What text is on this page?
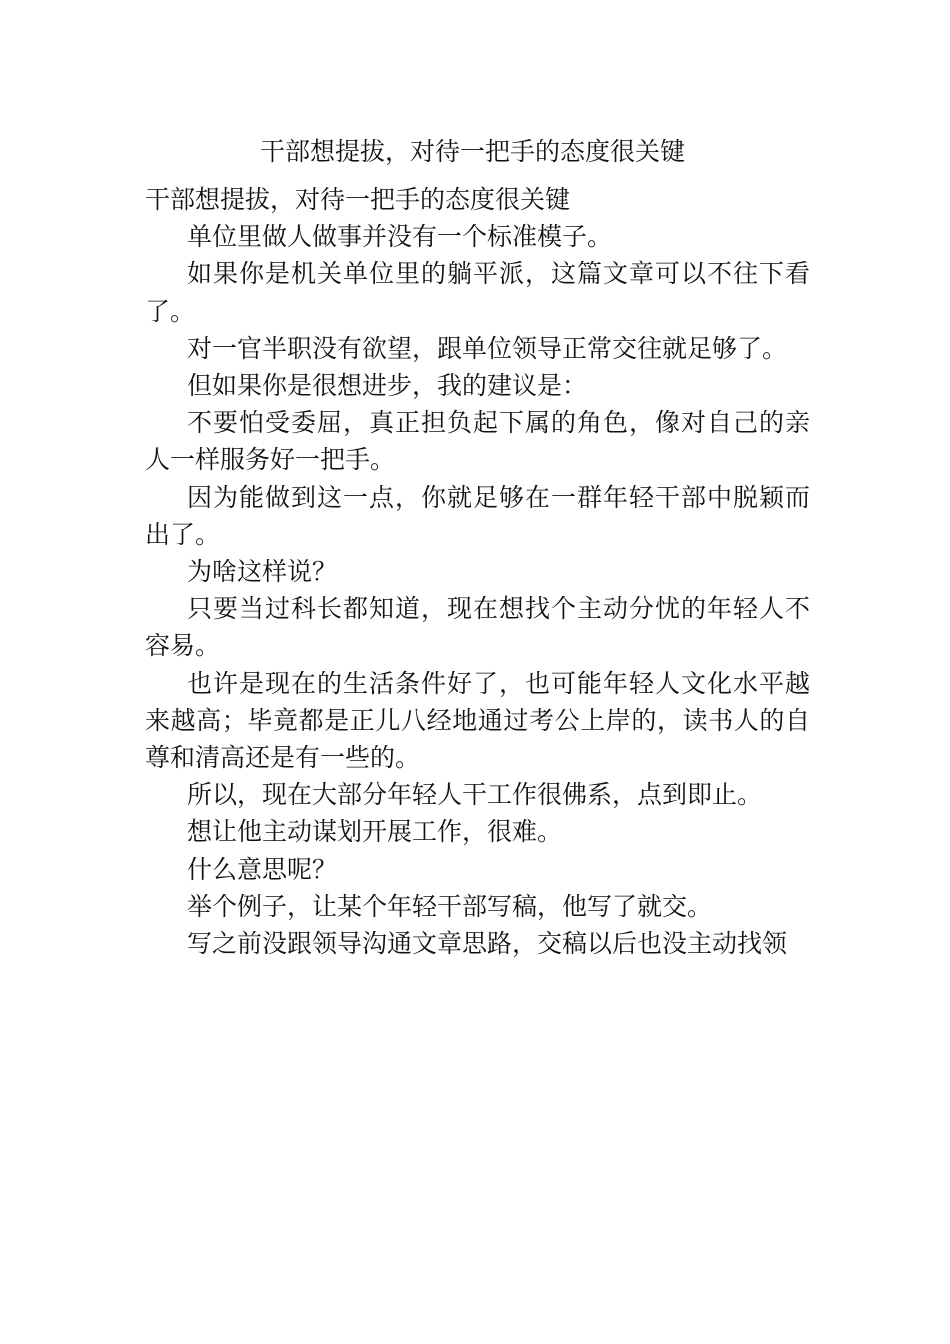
干部想提拔，对待一把手的态度很关键

干部想提拔，对待一把手的态度很关键

单位里做人做事并没有一个标准模子。

如果你是机关单位里的躺平派，这篇文章可以不往下看了。

对一官半职没有欲望，跟单位领导正常交往就足够了。

但如果你是很想进步，我的建议是：

不要怕受委屈，真正担负起下属的角色，像对自己的亲人一样服务好一把手。

因为能做到这一点，你就足够在一群年轻干部中脱颖而出了。

为啥这样说？

只要当过科长都知道，现在想找个主动分忧的年轻人不容易。

也许是现在的生活条件好了，也可能年轻人文化水平越来越高；毕竟都是正儿八经地通过考公上岸的，读书人的自尊和清高还是有一些的。

所以，现在大部分年轻人干工作很佛系，点到即止。

想让他主动谋划开展工作，很难。

什么意思呢？

举个例子，让某个年轻干部写稿，他写了就交。

写之前没跟领导沟通文章思路，交稿以后也没主动找领
